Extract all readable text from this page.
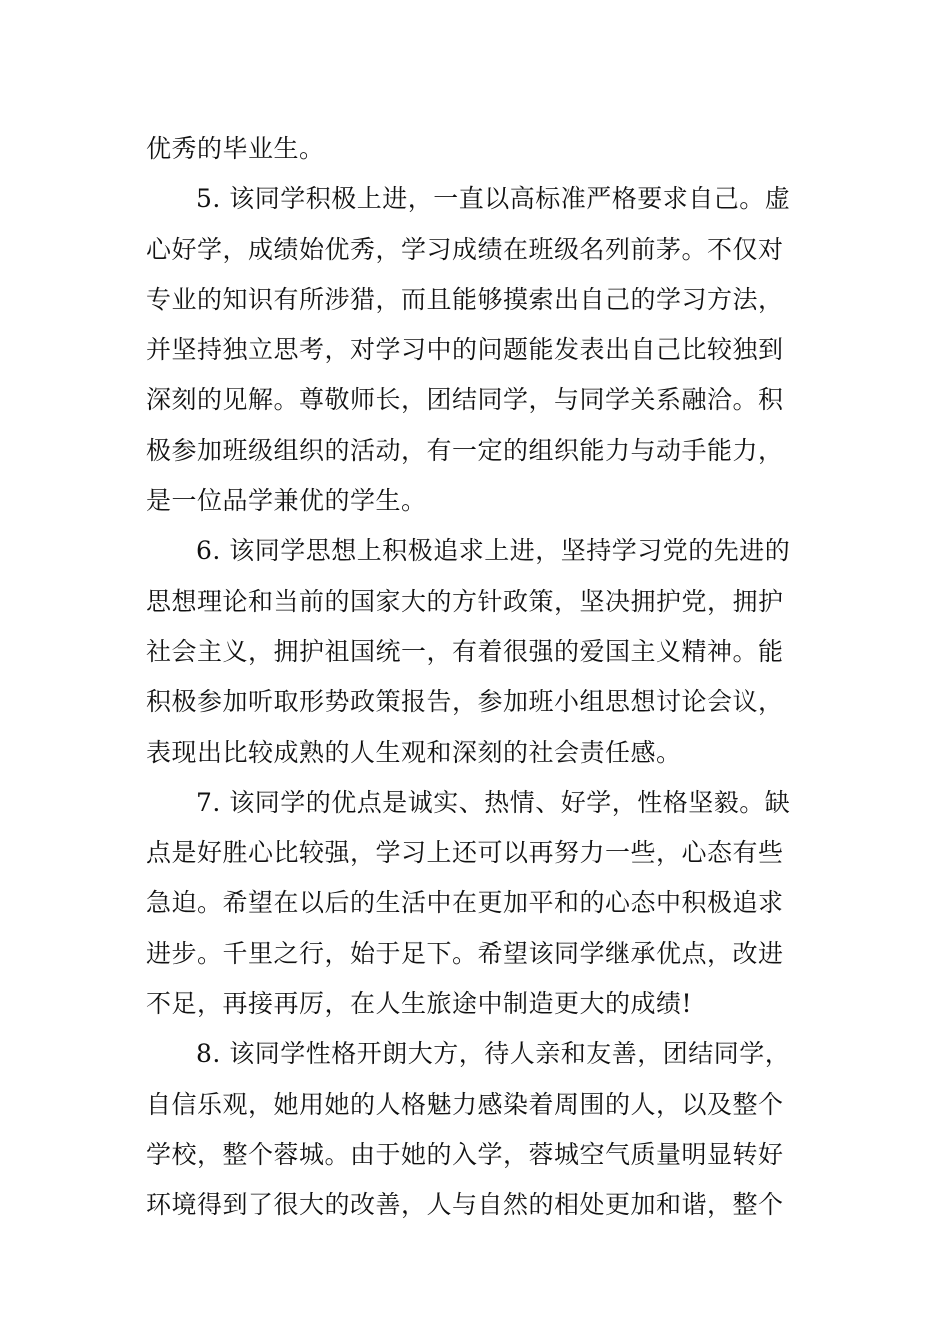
优秀的毕业生。
5. 该同学积极上进，一直以高标准严格要求自己。虚
心好学，成绩始优秀，学习成绩在班级名列前茅。不仅对
专业的知识有所涉猎，而且能够摸索出自己的学习方法，
并坚持独立思考，对学习中的问题能发表出自己比较独到
深刻的见解。尊敬师长，团结同学，与同学关系融洽。积
极参加班级组织的活动，有一定的组织能力与动手能力，
是一位品学兼优的学生。
6. 该同学思想上积极追求上进，坚持学习党的先进的
思想理论和当前的国家大的方针政策，坚决拥护党，拥护
社会主义，拥护祖国统一，有着很强的爱国主义精神。能
积极参加听取形势政策报告，参加班小组思想讨论会议，
表现出比较成熟的人生观和深刻的社会责任感。
7. 该同学的优点是诚实、热情、好学，性格坚毅。缺
点是好胜心比较强，学习上还可以再努力一些，心态有些
急迫。希望在以后的生活中在更加平和的心态中积极追求
进步。千里之行，始于足下。希望该同学继承优点，改进
不足，再接再厉，在人生旅途中制造更大的成绩!
8. 该同学性格开朗大方，待人亲和友善，团结同学，
自信乐观，她用她的人格魅力感染着周围的人，以及整个
学校，整个蓉城。由于她的入学，蓉城空气质量明显转好
环境得到了很大的改善，人与自然的相处更加和谐，整个
